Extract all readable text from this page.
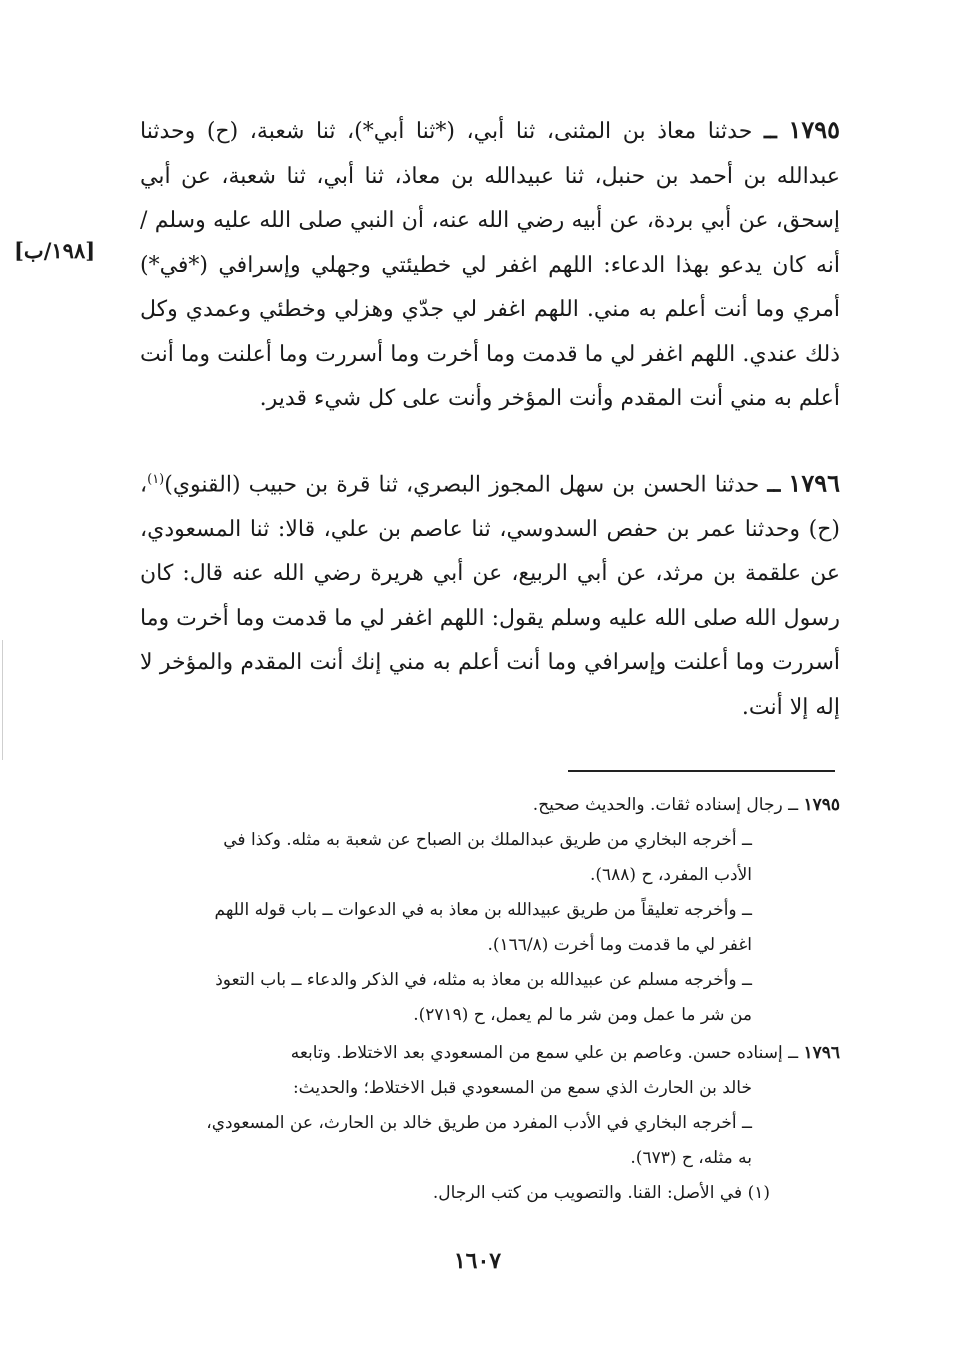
١٧٩٥ ــ حدثنا معاذ بن المثنى، ثنا أبي، (*ثنا أبي*)، ثنا شعبة، (ح) وحدثنا عبدالله بن أحمد بن حنبل، ثنا عبيدالله بن معاذ، ثنا أبي، ثنا شعبة، عن أبي إسحق، عن أبي بردة، عن أبيه رضي الله عنه، أن النبي صلى الله عليه وسلم / أنه كان يدعو بهذا الدعاء: اللهم اغفر لي خطيئتي وجهلي وإسرافي (*في*) أمري وما أنت أعلم به مني. اللهم اغفر لي جدّي وهزلي وخطئي وعمدي وكل ذلك عندي. اللهم اغفر لي ما قدمت وما أخرت وما أسررت وما أعلنت وما أنت أعلم به مني أنت المقدم وأنت المؤخر وأنت على كل شيء قدير.

[١٩٨/ب]

١٧٩٦ ــ حدثنا الحسن بن سهل المجوز البصري، ثنا قرة بن حبيب (القنوي)$^{(١)}$، (ح) وحدثنا عمر بن حفص السدوسي، ثنا عاصم بن علي، قالا: ثنا المسعودي، عن علقمة بن مرثد، عن أبي الربيع، عن أبي هريرة رضي الله عنه قال: كان رسول الله صلى الله عليه وسلم يقول: اللهم اغفر لي ما قدمت وما أخرت وما أسررت وما أعلنت وإسرافي وما أنت أعلم به مني إنك أنت المقدم والمؤخر لا إله إلا أنت.

١٧٩٥ ــ رجال إسناده ثقات. والحديث صحيح.
ــ أخرجه البخاري من طريق عبدالملك بن الصباح عن شعبة به مثله. وكذا في
الأدب المفرد، ح (٦٨٨).
ــ وأخرجه تعليقاً من طريق عبيدالله بن معاذ به في الدعوات ــ باب قوله اللهم
اغفر لي ما قدمت وما أخرت (١٦٦/٨).
ــ وأخرجه مسلم عن عبيدالله بن معاذ به مثله، في الذكر والدعاء ــ باب التعوذ
من شر ما عمل ومن شر ما لم يعمل، ح (٢٧١٩).
١٧٩٦ ــ إسناده حسن. وعاصم بن علي سمع من المسعودي بعد الاختلاط. وتابعه
خالد بن الحارث الذي سمع من المسعودي قبل الاختلاط؛ والحديث:
ــ أخرجه البخاري في الأدب المفرد من طريق خالد بن الحارث، عن المسعودي،
به مثله، ح (٦٧٣).
(١) في الأصل: القنا. والتصويب من كتب الرجال.
١٦٠٧
